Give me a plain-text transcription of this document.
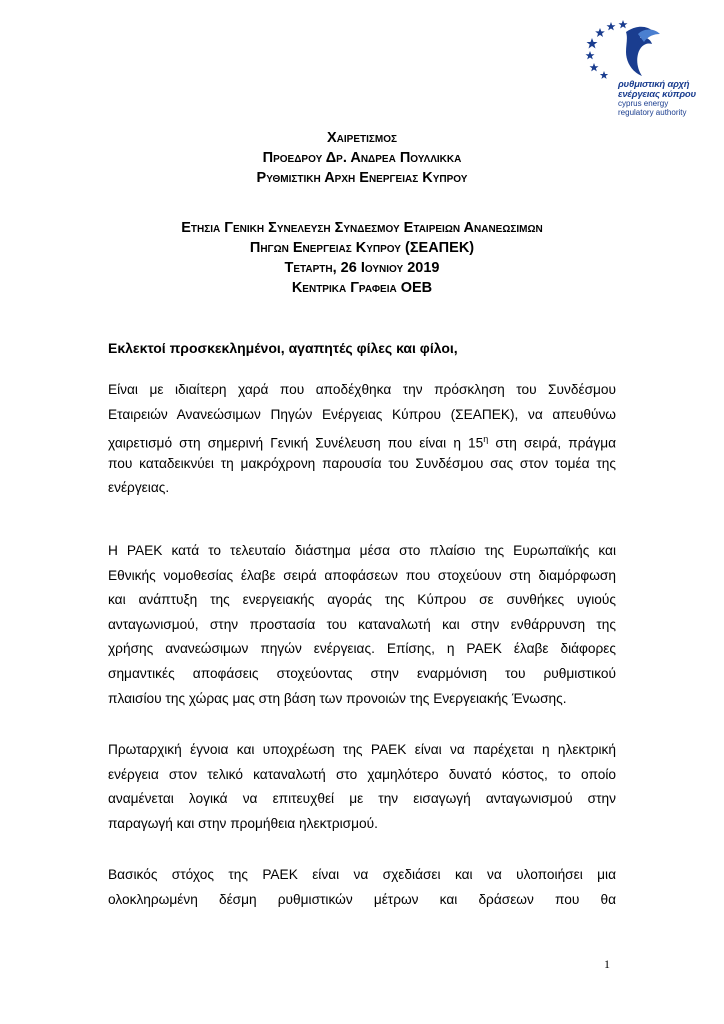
ρυθμιστική αρχή
ενέργειας κύπρου
cyprus energy
regulatory authority
Χαιρετισμος
Προεδρου Δρ. Ανδρεα Πουλλικκα
Ρυθμιστικη Αρχη Ενεργειας Κυπρου
Ετησια Γενικη Συνελευση Συνδεσμου Εταιρειων Ανανεωσιμων
Πηγων Ενεργειας Κυπρου (ΣΕΑΠΕΚ)
Τεταρτη, 26 Ιουνιου 2019
Κεντρικα Γραφεια ΟΕΒ
Εκλεκτοί προσκεκλημένοι, αγαπητές φίλες και φίλοι,
Είναι με ιδιαίτερη χαρά που αποδέχθηκα την πρόσκληση του Συνδέσμου
Εταιρειών Ανανεώσιμων Πηγών Ενέργειας Κύπρου (ΣΕΑΠΕΚ), να απευθύνω
χαιρετισμό στη σημερινή Γενική Συνέλευση που είναι η $15^\eta$ στη σειρά, πράγμα
που καταδεικνύει τη μακρόχρονη παρουσία του Συνδέσμου σας στον τομέα της
ενέργειας.
Η ΡΑΕΚ κατά το τελευταίο διάστημα μέσα στο πλαίσιο της Ευρωπαϊκής και
Εθνικής νομοθεσίας έλαβε σειρά αποφάσεων που στοχεύουν στη διαμόρφωση
και ανάπτυξη της ενεργειακής αγοράς της Κύπρου σε συνθήκες υγιούς
ανταγωνισμού, στην προστασία του καταναλωτή και στην ενθάρρυνση της
χρήσης ανανεώσιμων πηγών ενέργειας. Επίσης, η ΡΑΕΚ έλαβε διάφορες
σημαντικές αποφάσεις στοχεύοντας στην εναρμόνιση του ρυθμιστικού
πλαισίου της χώρας μας στη βάση των προνοιών της Ενεργειακής Ένωσης.
Πρωταρχική έγνοια και υποχρέωση της ΡΑΕΚ είναι να παρέχεται η ηλεκτρική
ενέργεια στον τελικό καταναλωτή στο χαμηλότερο δυνατό κόστος, το οποίο
αναμένεται λογικά να επιτευχθεί με την εισαγωγή ανταγωνισμού στην
παραγωγή και στην προμήθεια ηλεκτρισμού.
Βασικός στόχος της ΡΑΕΚ είναι να σχεδιάσει και να υλοποιήσει μια
ολοκληρωμένη δέσμη ρυθμιστικών μέτρων και δράσεων που θα
1
